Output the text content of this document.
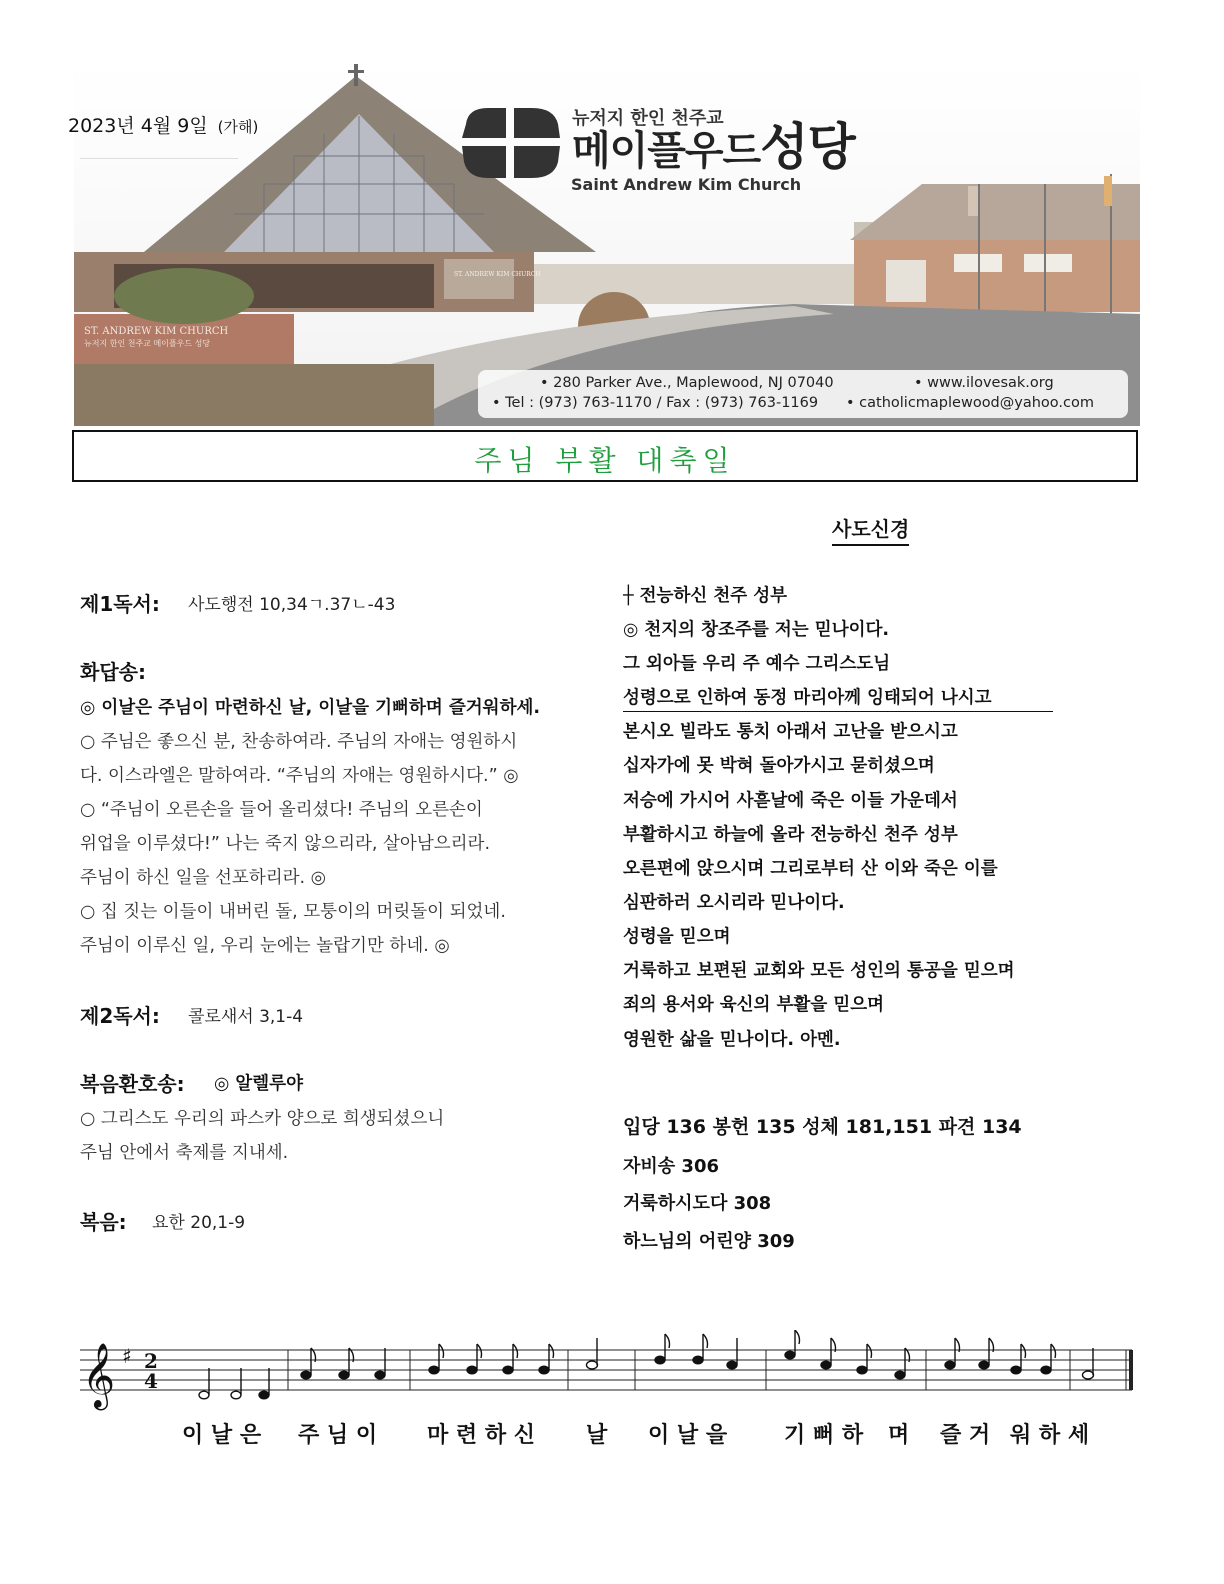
ST. ANDREW KIM CHURCH
뉴저지 한인 천주교 메이플우드 성당
ST. ANDREW KIM CHURCH
2023년 4월 9일 (가해)	뉴저지 한인 천주교
메이플우드성당
Saint Andrew Kim Church
• 280 Parker Ave., Maplewood, NJ 07040	• www.ilovesak.org
• Tel : (973) 763-1170 / Fax : (973) 763-1169 • catholicmaplewood@yahoo.com
주님 부활 대축일
제1독서: 사도행전 10,34ㄱ.37ㄴ-43
화답송:
◎ 이날은 주님이 마련하신 날, 이날을 기뻐하며 즐거워하세.
○ 주님은 좋으신 분, 찬송하여라. 주님의 자애는 영원하시
다. 이스라엘은 말하여라. “주님의 자애는 영원하시다.” ◎
○ “주님이 오른손을 들어 올리셨다! 주님의 오른손이
위업을 이루셨다!” 나는 죽지 않으리라, 살아남으리라.
주님이 하신 일을 선포하리라. ◎
○ 집 짓는 이들이 내버린 돌, 모퉁이의 머릿돌이 되었네.
주님이 이루신 일, 우리 눈에는 놀랍기만 하네. ◎
제2독서: 콜로새서 3,1-4
복음환호송: ◎ 알렐루야
○ 그리스도 우리의 파스카 양으로 희생되셨으니
주님 안에서 축제를 지내세.
복음: 요한 20,1-9
사도신경
┼ 전능하신 천주 성부
◎ 천지의 창조주를 저는 믿나이다.
그 외아들 우리 주 예수 그리스도님
성령으로 인하여 동정 마리아께 잉태되어 나시고
본시오 빌라도 통치 아래서 고난을 받으시고
십자가에 못 박혀 돌아가시고 묻히셨으며
저승에 가시어 사흗날에 죽은 이들 가운데서
부활하시고 하늘에 올라 전능하신 천주 성부
오른편에 앉으시며 그리로부터 산 이와 죽은 이를
심판하러 오시리라 믿나이다.
성령을 믿으며
거룩하고 보편된 교회와 모든 성인의 통공을 믿으며
죄의 용서와 육신의 부활을 믿으며
영원한 삶을 믿나이다. 아멘.
입당 136 봉헌 135 성체 181,151 파견 134
자비송 306
거룩하시도다 308
하느님의 어린양 309
𝄞 ♯ 2
4
이 날 은 주 님 이 마 련 하 신 날 이 날 을	기 뻐 하 며 즐 거 워 하 세
